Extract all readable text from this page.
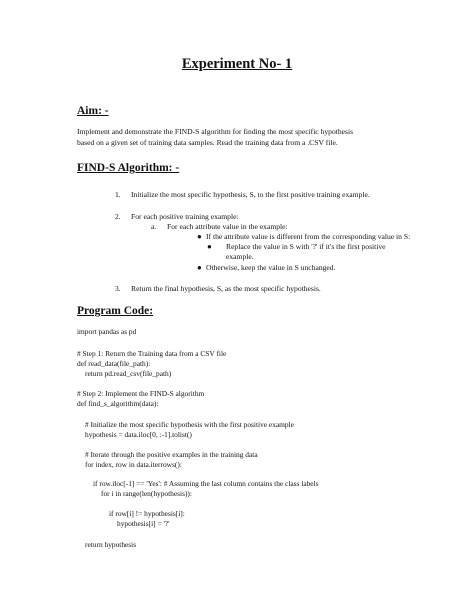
Experiment No- 1
Aim: -
Implement and demonstrate the FIND-S algorithm for finding the most specific hypothesis
based on a given set of training data samples. Read the training data from a .CSV file.
FIND-S Algorithm: -
1. Initialize the most specific hypothesis, S, to the first positive training example.
2. For each positive training example:
a. For each attribute value in the example:
● If the attribute value is different from the corresponding value in S:
● Replace the value in S with '?' if it's the first positive
example.
● Otherwise, keep the value in S unchanged.
3. Return the final hypothesis, S, as the most specific hypothesis.
Program Code:
import pandas as pd
# Step 1: Return the Training data from a CSV file
def read_data(file_path):
return pd.read_csv(file_path)
# Step 2: Implement the FIND-S algorithm
def find_s_algorithm(data):
# Initialize the most specific hypothesis with the first positive example
hypothesis = data.iloc[0, :-1].tolist()
# Iterate through the positive examples in the training data
for index, row in data.iterrows():
if row.iloc[-1] == 'Yes': # Assuming the last column contains the class labels
for i in range(len(hypothesis)):
if row[i] != hypothesis[i]:
hypothesis[i] = '?'
return hypothesis
